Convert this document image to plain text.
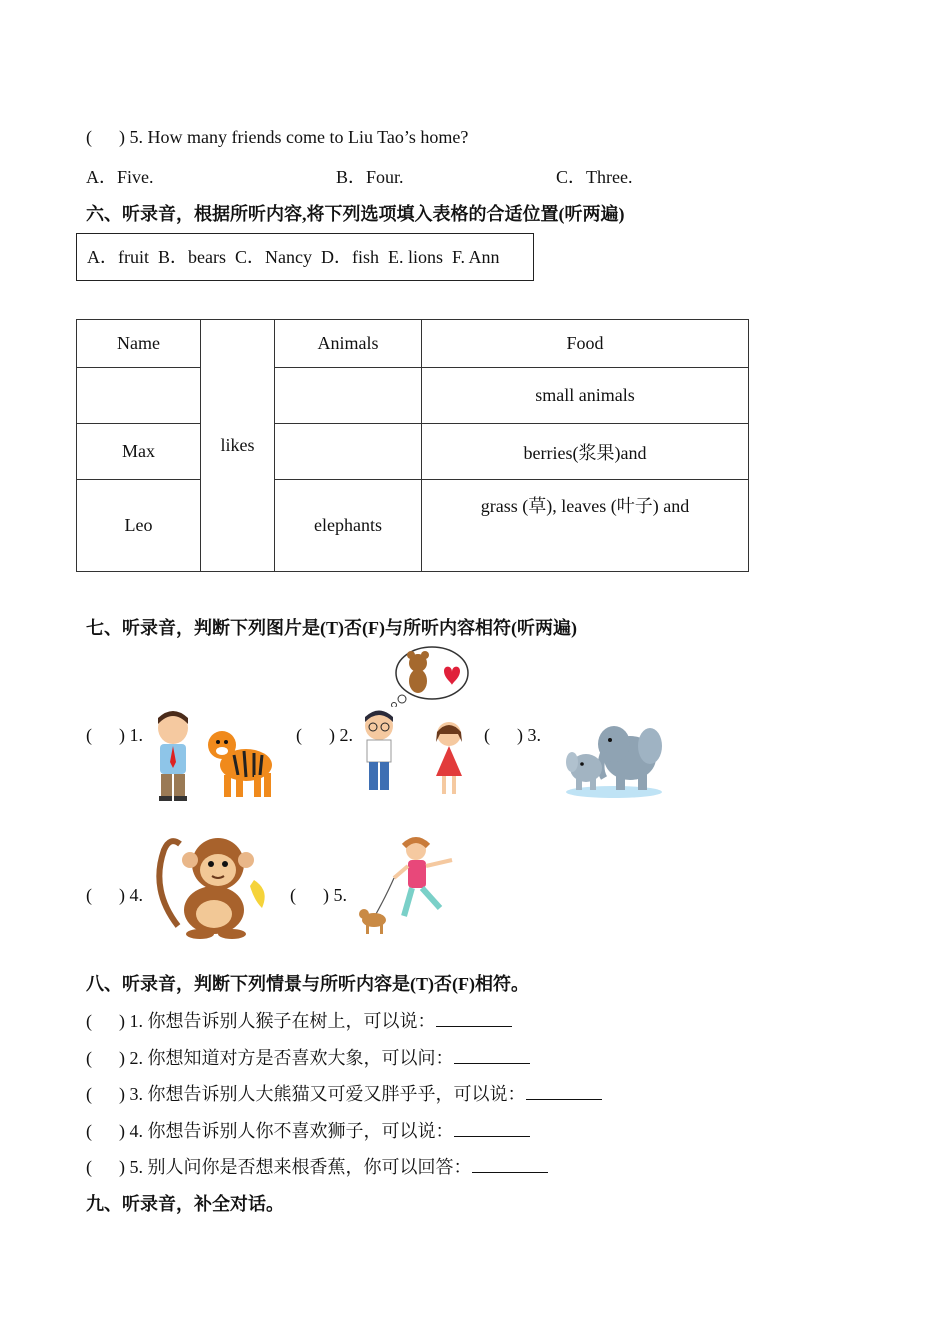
(      ) 5. How many friends come to Liu Tao’s home?
A．Five.	B．Four.	C．Three.
六、听录音，根据所听内容,将下列选项填入表格的合适位置(听两遍)
A．fruit  B．bears  C．Nancy  D．fish  E. lions  F. Ann
Name	likes	Animals	Food
			small animals
Max			berries(浆果)and
Leo		elephants	grass (草), leaves (叶子) and
七、听录音，判断下列图片是(T)否(F)与所听内容相符(听两遍)
(      ) 1.	(      ) 2.	(      ) 3.
(      ) 4.	(      ) 5.
八、听录音，判断下列情景与所听内容是(T)否(F)相符。
(      ) 1. 你想告诉别人猴子在树上，可以说：
(      ) 2. 你想知道对方是否喜欢大象，可以问：
(      ) 3. 你想告诉别人大熊猫又可爱又胖乎乎，可以说：
(      ) 4. 你想告诉别人你不喜欢狮子，可以说：
(      ) 5. 别人问你是否想来根香蕉，你可以回答：
九、听录音，补全对话。
